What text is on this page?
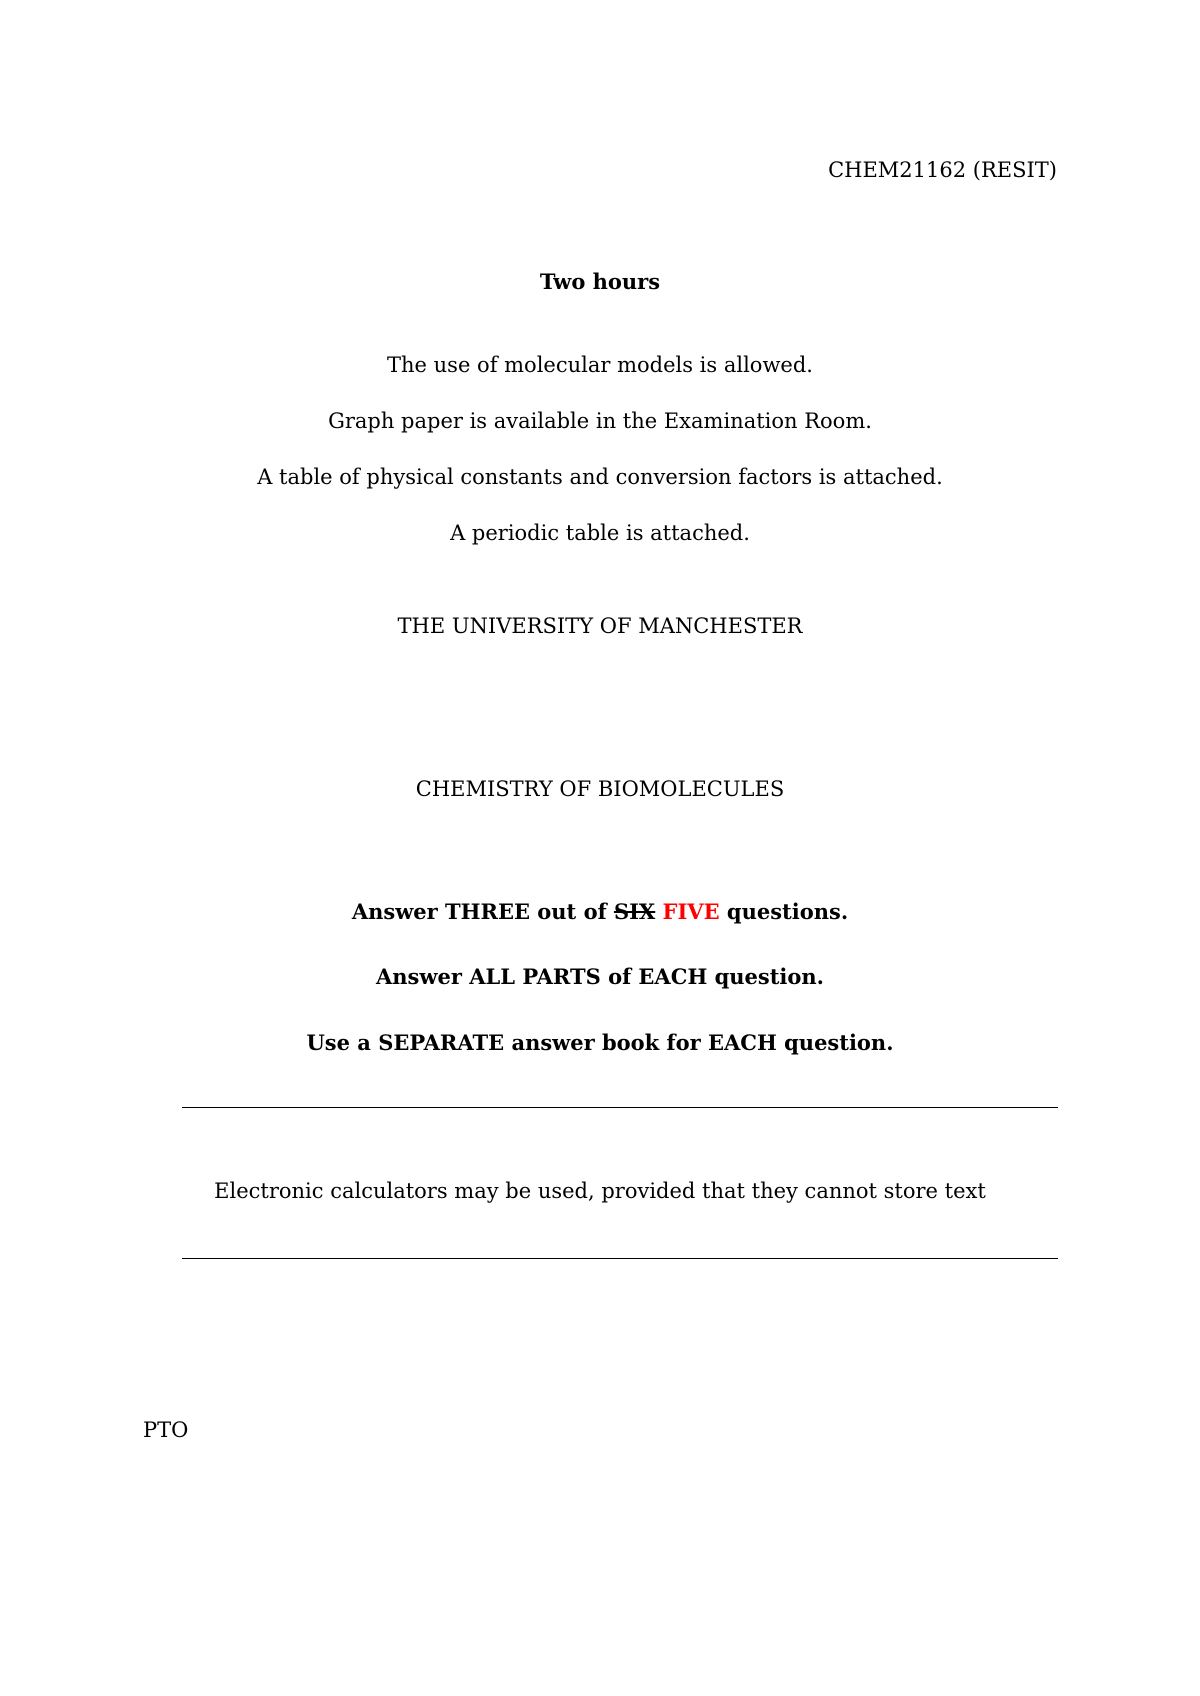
CHEM21162 (RESIT)
Two hours
The use of molecular models is allowed.
Graph paper is available in the Examination Room.
A table of physical constants and conversion factors is attached.
A periodic table is attached.
THE UNIVERSITY OF MANCHESTER
CHEMISTRY OF BIOMOLECULES
Answer THREE out of SIX FIVE questions.
Answer ALL PARTS of EACH question.
Use a SEPARATE answer book for EACH question.
Electronic calculators may be used, provided that they cannot store text
PTO
